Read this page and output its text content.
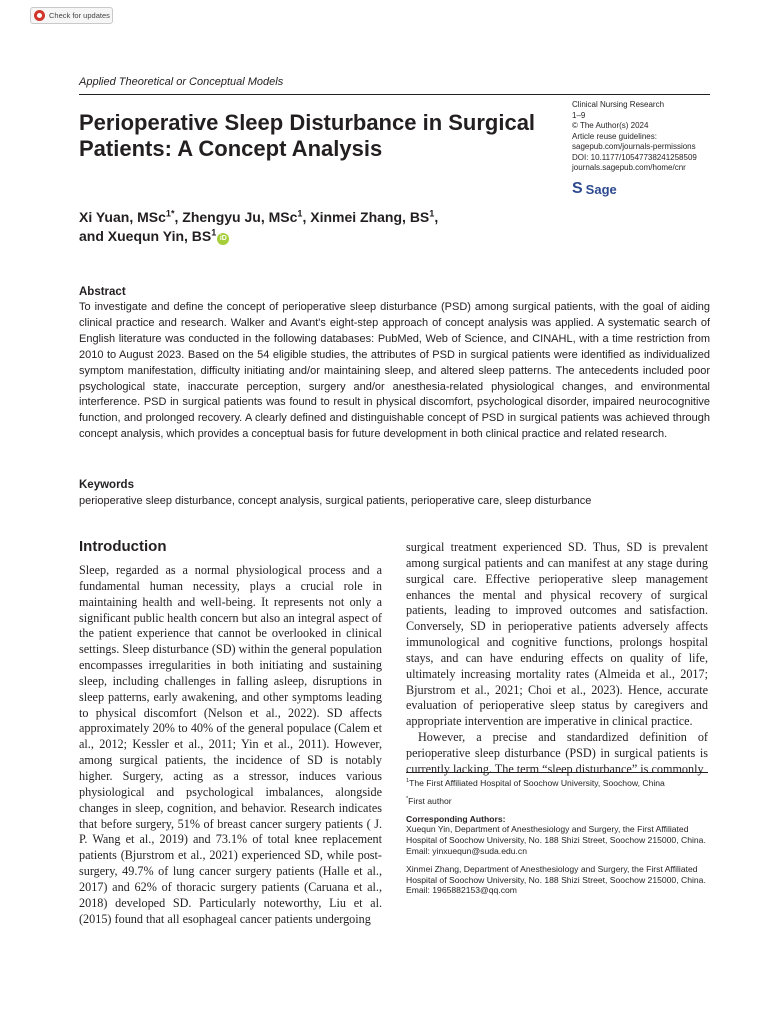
Check for updates
Applied Theoretical or Conceptual Models
Perioperative Sleep Disturbance in Surgical Patients: A Concept Analysis
Clinical Nursing Research
1–9
© The Author(s) 2024
Article reuse guidelines:
sagepub.com/journals-permissions
DOI: 10.1177/10547738241258509
journals.sagepub.com/home/cnr
S Sage
Xi Yuan, MSc$^{1*}$, Zhengyu Ju, MSc$^1$, Xinmei Zhang, $BS^1$,
and Xuequn Yin, $BS^1iD$
Abstract

To investigate and define the concept of perioperative sleep disturbance (PSD) among surgical patients, with the goal of aiding clinical practice and research. Walker and Avant's eight-step approach of concept analysis was applied. A systematic search of English literature was conducted in the following databases: PubMed, Web of Science, and CINAHL, with a time restriction from 2010 to August 2023. Based on the 54 eligible studies, the attributes of PSD in surgical patients were identified as individualized symptom manifestation, difficulty initiating and/or maintaining sleep, and altered sleep patterns. The antecedents included poor psychological state, inaccurate perception, surgery and/or anesthesia-related physiological changes, and environmental interference. PSD in surgical patients was found to result in physical discomfort, psychological disorder, impaired neurocognitive function, and prolonged recovery. A clearly defined and distinguishable concept of PSD in surgical patients was achieved through concept analysis, which provides a conceptual basis for future development in both clinical practice and related research.

Keywords

perioperative sleep disturbance, concept analysis, surgical patients, perioperative care, sleep disturbance

Introduction

Sleep, regarded as a normal physiological process and a fundamental human necessity, plays a crucial role in maintaining health and well-being. It represents not only a significant public health concern but also an integral aspect of the patient experience that cannot be overlooked in clinical settings. Sleep disturbance (SD) within the general population encompasses irregularities in both initiating and sustaining sleep, including challenges in falling asleep, disruptions in sleep patterns, early awakening, and other symptoms leading to physical discomfort (Nelson et al., 2022). SD affects approximately 20% to 40% of the general populace (Calem et al., 2012; Kessler et al., 2011; Yin et al., 2011). However, among surgical patients, the incidence of SD is notably higher. Surgery, acting as a stressor, induces various physiological and psychological imbalances, alongside changes in sleep, cognition, and behavior. Research indicates that before surgery, 51% of breast cancer surgery patients ( J. P. Wang et al., 2019) and 73.1% of total knee replacement patients (Bjurstrom et al., 2021) experienced SD, while post-surgery, 49.7% of lung cancer surgery patients (Halle et al., 2017) and 62% of thoracic surgery patients (Caruana et al., 2018) developed SD. Particularly noteworthy, Liu et al. (2015) found that all esophageal cancer patients undergoing

surgical treatment experienced SD. Thus, SD is prevalent among surgical patients and can manifest at any stage during surgical care. Effective perioperative sleep management enhances the mental and physical recovery of surgical patients, leading to improved outcomes and satisfaction. Conversely, SD in perioperative patients adversely affects immunological and cognitive functions, prolongs hospital stays, and can have enduring effects on quality of life, ultimately increasing mortality rates (Almeida et al., 2017; Bjurstrom et al., 2021; Choi et al., 2023). Hence, accurate evaluation of perioperative sleep status by caregivers and appropriate intervention are imperative in clinical practice.

However, a precise and standardized definition of perioperative sleep disturbance (PSD) in surgical patients is currently lacking. The term “sleep disturbance” is commonly

$^1$The First Affiliated Hospital of Soochow University, Soochow, China

*First author

Corresponding Authors:
Xuequn Yin, Department of Anesthesiology and Surgery, the First Affiliated Hospital of Soochow University, No. 188 Shizi Street, Soochow 215000, China.
Email: yinxuequn@suda.edu.cn
Xinmei Zhang, Department of Anesthesiology and Surgery, the First Affiliated Hospital of Soochow University, No. 188 Shizi Street, Soochow 215000, China.
Email: 1965882153@qq.com
